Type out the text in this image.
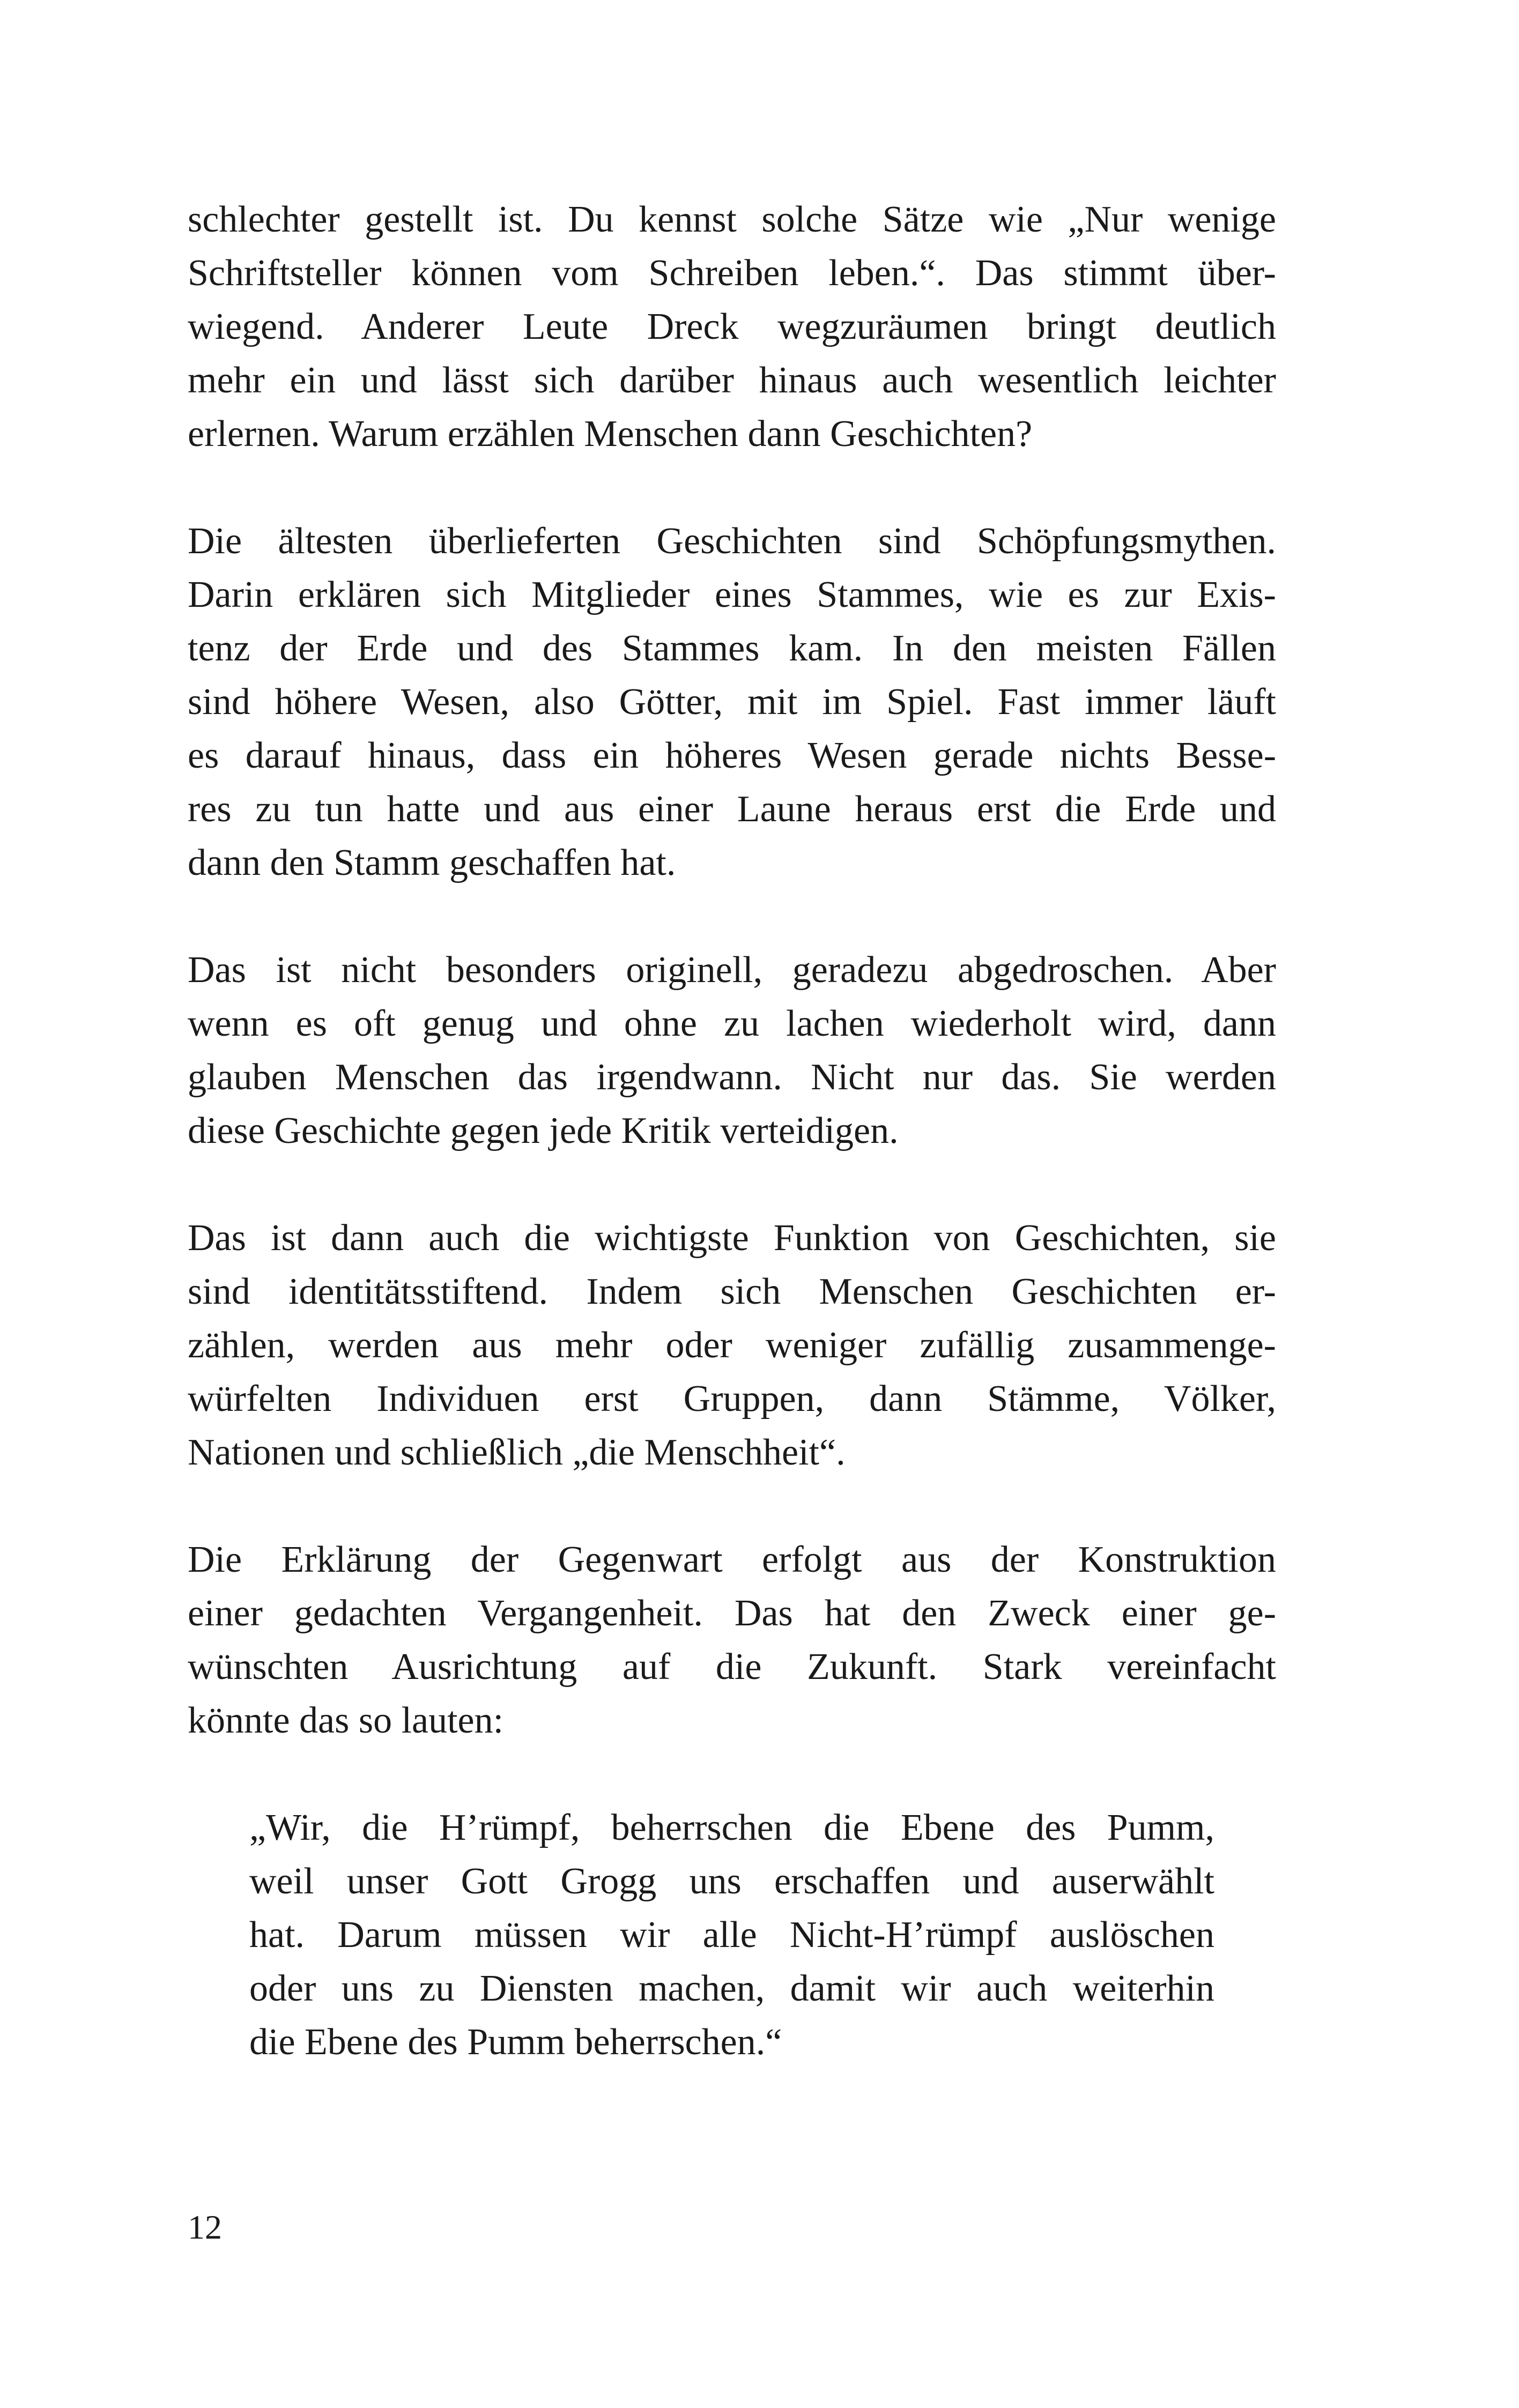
schlechter gestellt ist. Du kennst solche Sätze wie „Nur wenige
Schriftsteller können vom Schreiben leben.“. Das stimmt über-
wiegend. Anderer Leute Dreck wegzuräumen bringt deutlich
mehr ein und lässt sich darüber hinaus auch wesentlich leichter
erlernen. Warum erzählen Menschen dann Geschichten?
Die ältesten überlieferten Geschichten sind Schöpfungsmythen.
Darin erklären sich Mitglieder eines Stammes, wie es zur Exis-
tenz der Erde und des Stammes kam. In den meisten Fällen
sind höhere Wesen, also Götter, mit im Spiel. Fast immer läuft
es darauf hinaus, dass ein höheres Wesen gerade nichts Besse-
res zu tun hatte und aus einer Laune heraus erst die Erde und
dann den Stamm geschaffen hat.
Das ist nicht besonders originell, geradezu abgedroschen. Aber
wenn es oft genug und ohne zu lachen wiederholt wird, dann
glauben Menschen das irgendwann. Nicht nur das. Sie werden
diese Geschichte gegen jede Kritik verteidigen.
Das ist dann auch die wichtigste Funktion von Geschichten, sie
sind identitätsstiftend. Indem sich Menschen Geschichten er-
zählen, werden aus mehr oder weniger zufällig zusammenge-
würfelten Individuen erst Gruppen, dann Stämme, Völker,
Nationen und schließlich „die Menschheit“.
Die Erklärung der Gegenwart erfolgt aus der Konstruktion
einer gedachten Vergangenheit. Das hat den Zweck einer ge-
wünschten Ausrichtung auf die Zukunft. Stark vereinfacht
könnte das so lauten:
„Wir, die H’rümpf, beherrschen die Ebene des Pumm,
weil unser Gott Grogg uns erschaffen und auserwählt
hat. Darum müssen wir alle Nicht-H’rümpf auslöschen
oder uns zu Diensten machen, damit wir auch weiterhin
die Ebene des Pumm beherrschen.“
12
